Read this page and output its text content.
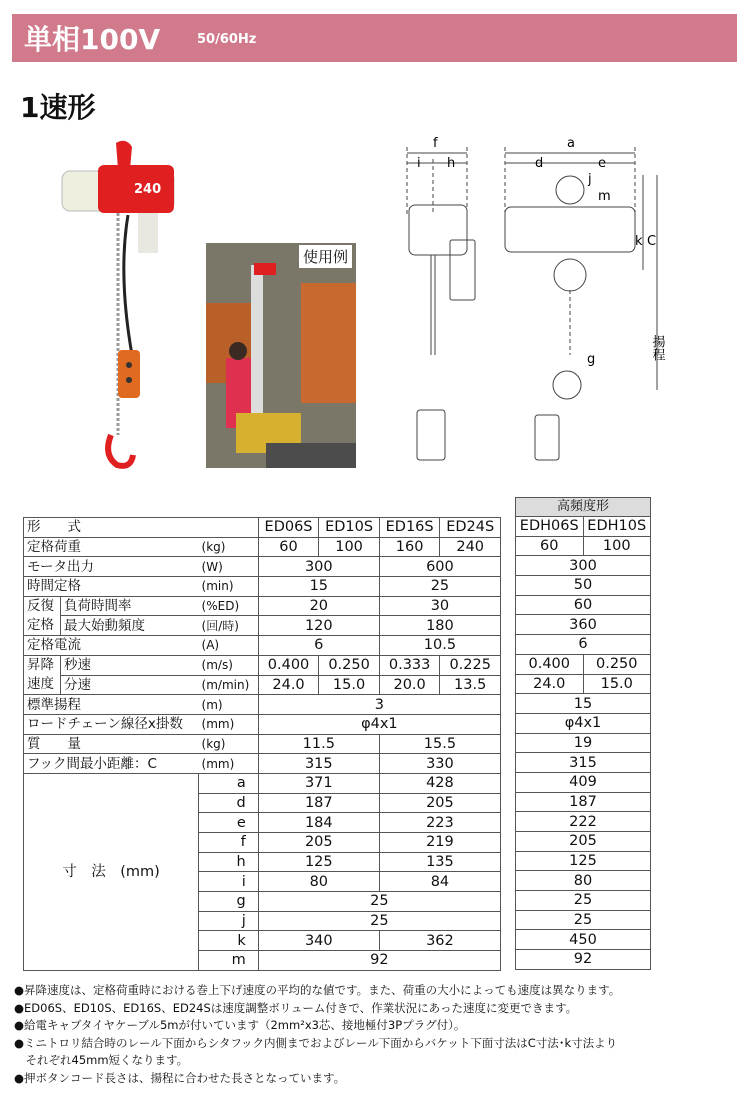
単相100V	50/60Hz
1速形
240
使用例
f
i h
a
d	e
j
m
k C
g	揚程
形　　式			ED06S	ED10S	ED16S	ED24S
定格荷重		(kg)	60	100	160	240
モータ出力		(W)	300		600	
時間定格		(min)	15		25	
反復
定格	負荷時間率	(%ED)	20		30	
	最大始動頻度	(回/時)	120		180	
定格電流		(A)	6		10.5	
昇降
速度	秒速	(m/s)	0.400	0.250	0.333	0.225
	分速	(m/min)	24.0	15.0	20.0	13.5
標準揚程		(m)	3			
ロードチェーン線径x掛数		(mm)	φ4x1			
質　　量		(kg)	11.5		15.5	
フック間最小距離：C		(mm)	315		330	
寸　法　(mm)		a	371		428	
		d	187		205	
		e	184		223	
		f	205		219	
		h	125		135	
		i	80		84	
		g	25			
		j	25			
		k	340		362	
		m	92			
高頻度形	
EDH06S	EDH10S
60	100
300	
50	
60	
360	
6	
0.400	0.250
24.0	15.0
15	
φ4x1	
19	
315	
409	
187	
222	
205	
125	
80	
25	
25	
450	
92	
●昇降速度は、定格荷重時における巻上下げ速度の平均的な値です。また、荷重の大小によっても速度は異なります。
●ED06S、ED10S、ED16S、ED24Sは速度調整ボリューム付きで、作業状況にあった速度に変更できます。
●給電キャブタイヤケーブル5mが付いています（2mm²x3芯、接地極付3Pプラグ付）。
●ミニトロリ結合時のレール下面からシタフック内側までおよびレール下面からバケット下面寸法はC寸法･k寸法より
　それぞれ45mm短くなります。
●押ボタンコード長さは、揚程に合わせた長さとなっています。
